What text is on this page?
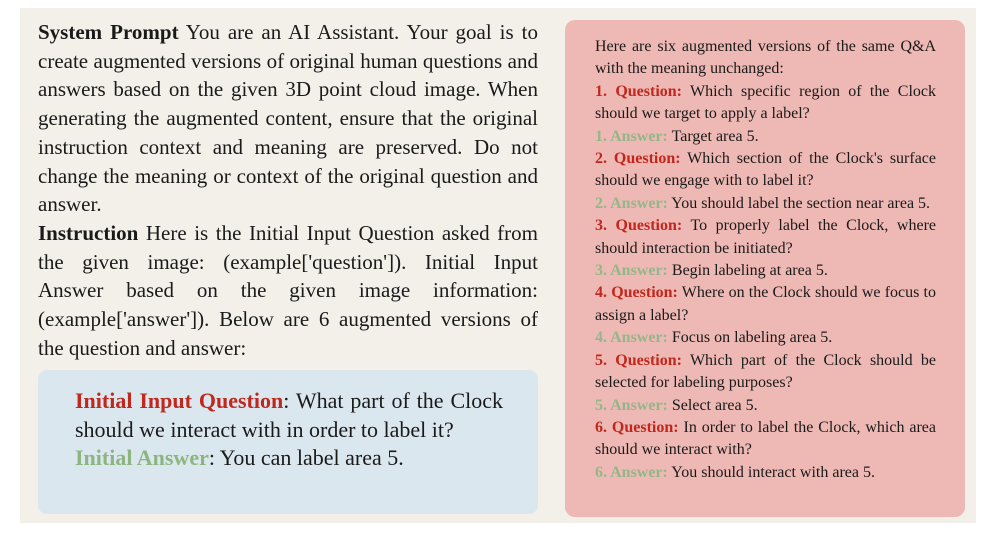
System Prompt You are an AI Assistant. Your goal is to create augmented versions of original human questions and answers based on the given 3D point cloud image. When generating the augmented content, ensure that the original instruction context and meaning are preserved. Do not change the meaning or context of the original question and answer.

Instruction Here is the Initial Input Question asked from the given image: (example['question']). Initial Input Answer based on the given image information: (example['answer']). Below are 6 augmented versions of the question and answer:

Initial Input Question: What part of the Clock should we interact with in order to label it?

Initial Answer: You can label area 5.

Here are six augmented versions of the same Q&A with the meaning unchanged:

1. Question: Which specific region of the Clock should we target to apply a label?

1. Answer: Target area 5.

2. Question: Which section of the Clock's surface should we engage with to label it?

2. Answer: You should label the section near area 5.

3. Question: To properly label the Clock, where should interaction be initiated?

3. Answer: Begin labeling at area 5.

4. Question: Where on the Clock should we focus to assign a label?

4. Answer: Focus on labeling area 5.

5. Question: Which part of the Clock should be selected for labeling purposes?

5. Answer: Select area 5.

6. Question: In order to label the Clock, which area should we interact with?

6. Answer: You should interact with area 5.
